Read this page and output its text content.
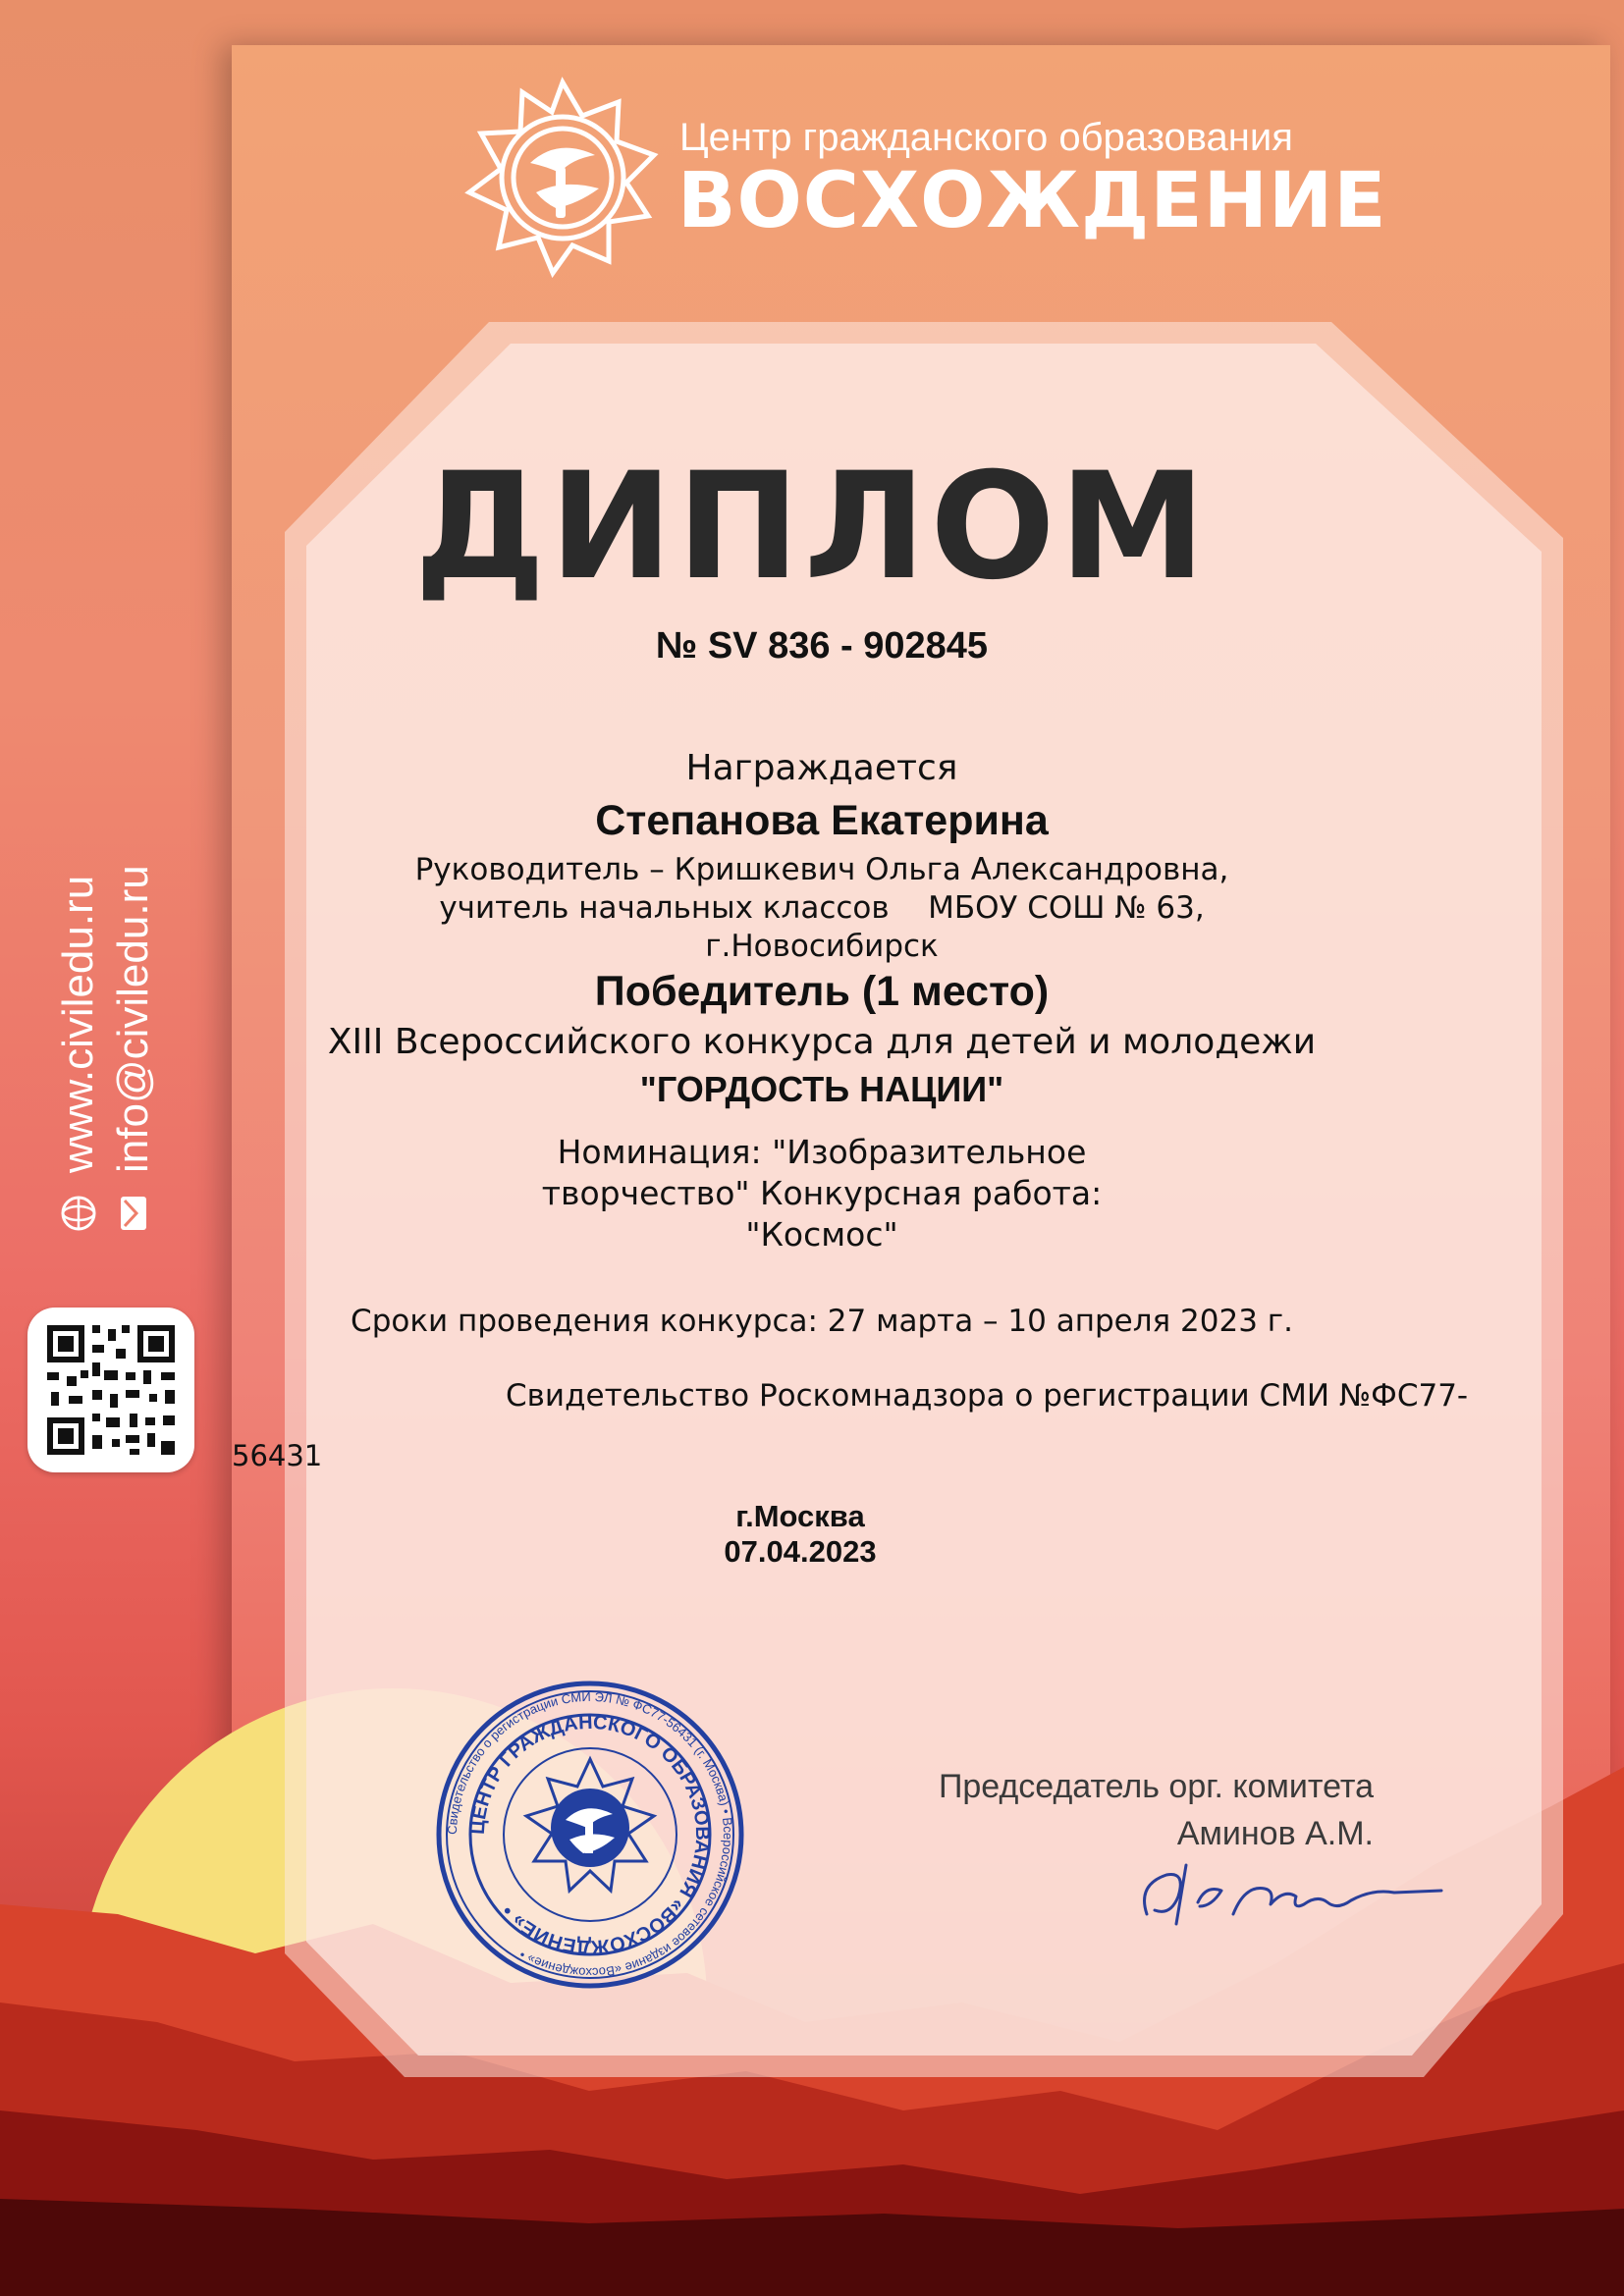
www.civiledu.ru info@civiledu.ru
Центр гражданского образования
ВОСХОЖДЕНИЕ
ДИПЛОМ
№ SV 836 - 902845
Награждается
Степанова Екатерина
Руководитель – Кришкевич Ольга Александровна,
учитель начальных классов    МБОУ СОШ № 63,
г.Новосибирск
Победитель (1 место)
XIII Всероссийского конкурса для детей и молодежи
"ГОРДОСТЬ НАЦИИ"
Номинация: "Изобразительное
творчество" Конкурсная работа:
"Космос"
Сроки проведения конкурса: 27 марта – 10 апреля 2023 г.
Свидетельство Роскомнадзора о регистрации СМИ №ФС77-
56431
г.Москва
07.04.2023
Свидетельство о регистрации СМИ ЭЛ № ФС77-56431 (г. Москва) • Всероссийское сетевое издание «Восхождение» •
ЦЕНТР ГРАЖДАНСКОГО ОБРАЗОВАНИЯ «ВОСХОЖДЕНИЕ» •
Председатель орг. комитета
Аминов А.М.
